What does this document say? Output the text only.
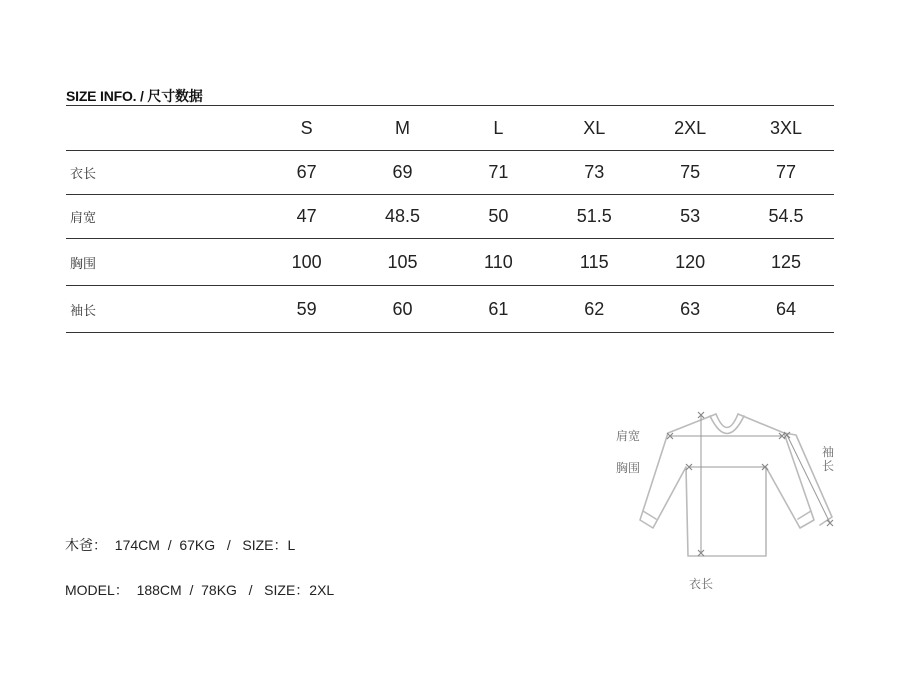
SIZE INFO. / 尺寸数据
	S	M	L	XL	2XL	3XL
衣长	67	69	71	73	75	77
肩宽	47	48.5	50	51.5	53	54.5
胸围	100	105	110	115	120	125
袖长	59	60	61	62	63	64
木爸：  174CM  /  67KG   /   SIZE：L
MODEL：  188CM  /  78KG   /   SIZE：2XL
肩宽
胸围
衣长
袖长
